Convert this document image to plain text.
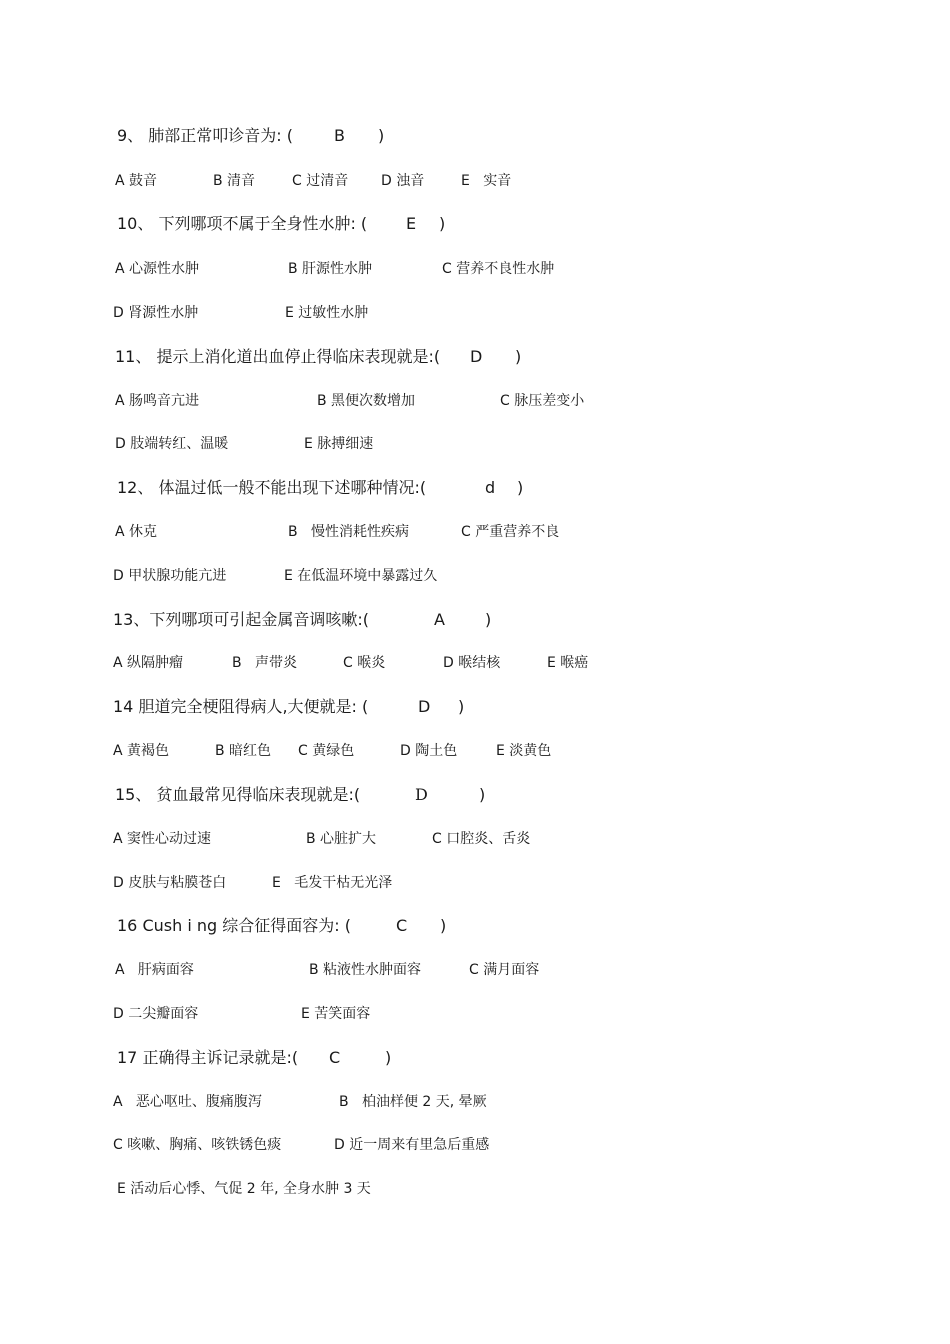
9、 肺部正常叩诊音为: (	B )
A 鼓音	B 清音	C 过清音 D 浊音	E   实音
10、 下列哪项不属于全身性水肿: ( E )
A 心源性水肿	B 肝源性水肿	C 营养不良性水肿
D 肾源性水肿	E 过敏性水肿
11、 提示上消化道出血停止得临床表现就是:( D )
A 肠鸣音亢进	B 黑便次数增加	C 脉压差变小
D 肢端转红、温暖	E 脉搏细速
12、 体温过低一般不能出现下述哪种情况:(	d )
A 休克	B   慢性消耗性疾病	C 严重营养不良
D 甲状腺功能亢进	E 在低温环境中暴露过久
13、下列哪项可引起金属音调咳嗽:(	A	)
A 纵隔肿瘤	B   声带炎	C 喉炎	D 喉结核	E 喉癌
14 胆道完全梗阻得病人,大便就是: (	D )
A 黄褐色	B 暗红色 C 黄绿色	D 陶土色	E 淡黄色
15、 贫血最常见得临床表现就是:(	D	)
A 窦性心动过速	B 心脏扩大	C 口腔炎、舌炎
D 皮肤与粘膜苍白	E   毛发干枯无光泽
16 Cush i ng 综合征得面容为: (	C )
A   肝病面容	B 粘液性水肿面容	C 满月面容
D 二尖瓣面容	E 苦笑面容
17 正确得主诉记录就是:( C	)
A   恶心呕吐、腹痛腹泻	B   柏油样便 2 天, 晕厥
C 咳嗽、胸痛、咳铁锈色痰	D 近一周来有里急后重感
E 活动后心悸、气促 2 年, 全身水肿 3 天
